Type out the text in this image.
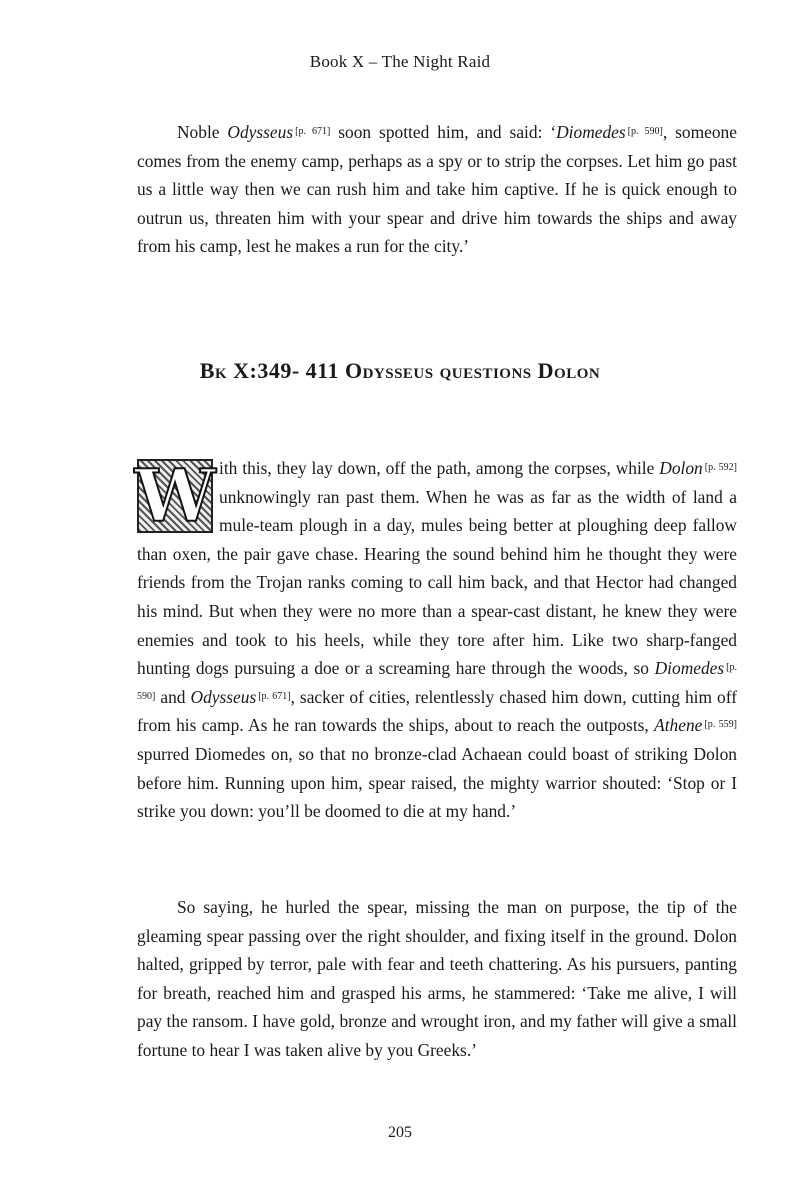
Book X – The Night Raid

Noble Odysseus [p. 671] soon spotted him, and said: ‘Diomedes [p. 590], someone comes from the enemy camp, perhaps as a spy or to strip the corpses. Let him go past us a little way then we can rush him and take him captive. If he is quick enough to outrun us, threaten him with your spear and drive him towards the ships and away from his camp, lest he makes a run for the city.’

Bk X:349- 411 Odysseus questions Dolon

W ith this, they lay down, off the path, among the corpses, while Dolon [p. 592] unknowingly ran past them. When he was as far as the width of land a mule-team plough in a day, mules being better at ploughing deep fallow than oxen, the pair gave chase. Hearing the sound behind him he thought they were friends from the Trojan ranks coming to call him back, and that Hector had changed his mind. But when they were no more than a spear-cast distant, he knew they were enemies and took to his heels, while they tore after him. Like two sharp-fanged hunting dogs pursuing a doe or a screaming hare through the woods, so Diomedes [p. 590] and Odysseus [p. 671], sacker of cities, relentlessly chased him down, cutting him off from his camp. As he ran towards the ships, about to reach the outposts, Athene [p. 559] spurred Diomedes on, so that no bronze-clad Achaean could boast of striking Dolon before him. Running upon him, spear raised, the mighty warrior shouted: ‘Stop or I strike you down: you’ll be doomed to die at my hand.’

So saying, he hurled the spear, missing the man on purpose, the tip of the gleaming spear passing over the right shoulder, and fixing itself in the ground. Dolon halted, gripped by terror, pale with fear and teeth chattering. As his pursuers, panting for breath, reached him and grasped his arms, he stammered: ‘Take me alive, I will pay the ransom. I have gold, bronze and wrought iron, and my father will give a small fortune to hear I was taken alive by you Greeks.’

205
